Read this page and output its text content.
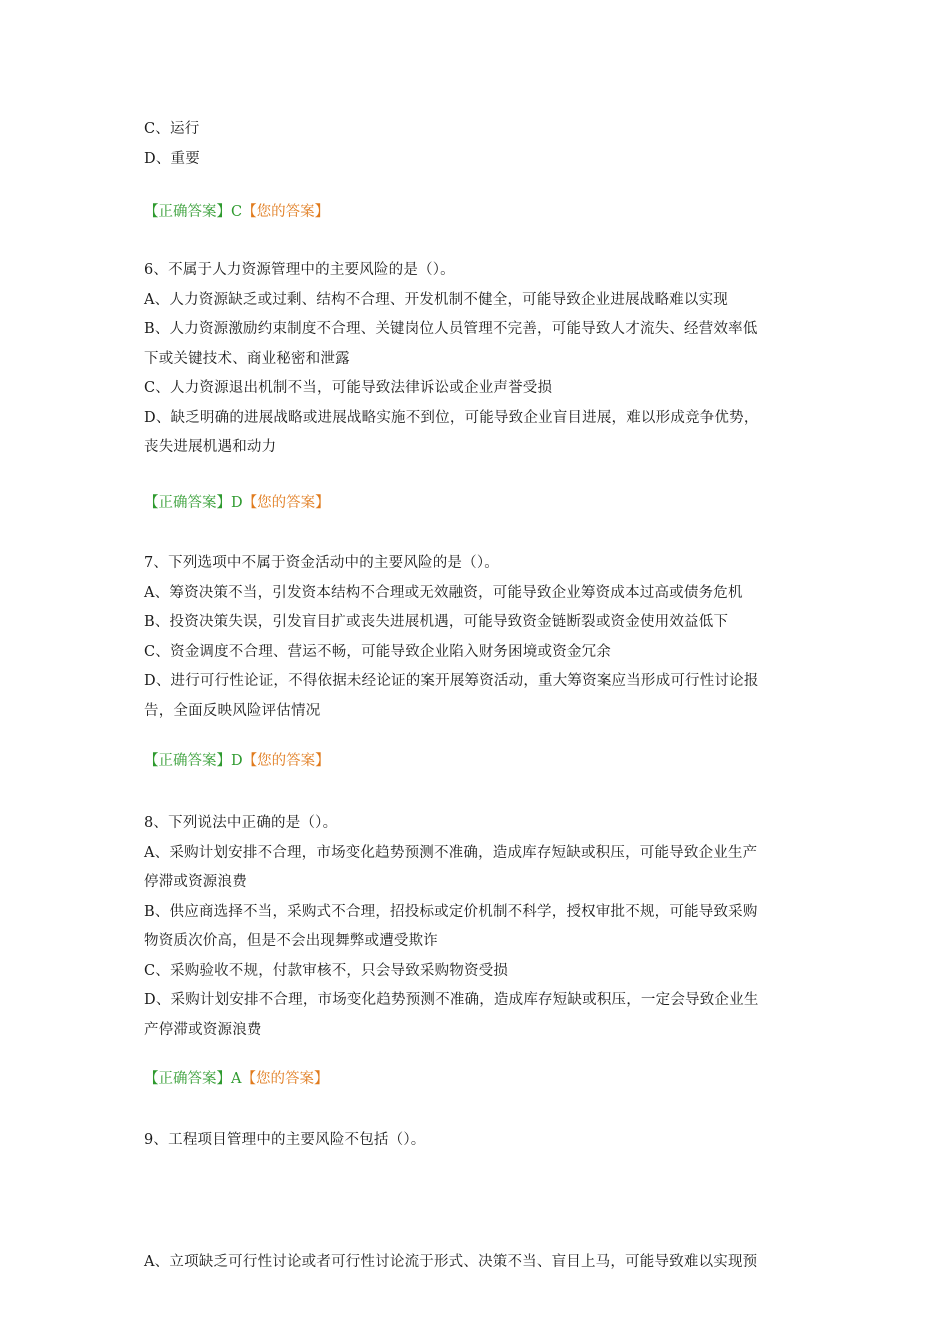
C、运行
D、重要
【正确答案】C【您的答案】
6、不属于人力资源管理中的主要风险的是（）。
A、人力资源缺乏或过剩、结构不合理、开发机制不健全，可能导致企业进展战略难以实现
B、人力资源激励约束制度不合理、关键岗位人员管理不完善，可能导致人才流失、经营效率低
下或关键技术、商业秘密和泄露
C、人力资源退出机制不当，可能导致法律诉讼或企业声誉受损
D、缺乏明确的进展战略或进展战略实施不到位，可能导致企业盲目进展，难以形成竞争优势，
丧失进展机遇和动力
【正确答案】D【您的答案】
7、下列选项中不属于资金活动中的主要风险的是（）。
A、筹资决策不当，引发资本结构不合理或无效融资，可能导致企业筹资成本过高或债务危机
B、投资决策失误，引发盲目扩或丧失进展机遇，可能导致资金链断裂或资金使用效益低下
C、资金调度不合理、营运不畅，可能导致企业陷入财务困境或资金冗余
D、进行可行性论证，不得依据未经论证的案开展筹资活动，重大筹资案应当形成可行性讨论报
告，全面反映风险评估情况
【正确答案】D【您的答案】
8、下列说法中正确的是（）。
A、采购计划安排不合理，市场变化趋势预测不准确，造成库存短缺或积压，可能导致企业生产
停滞或资源浪费
B、供应商选择不当，采购式不合理，招投标或定价机制不科学，授权审批不规，可能导致采购
物资质次价高，但是不会出现舞弊或遭受欺诈
C、采购验收不规，付款审核不，只会导致采购物资受损
D、采购计划安排不合理，市场变化趋势预测不准确，造成库存短缺或积压，一定会导致企业生
产停滞或资源浪费
【正确答案】A【您的答案】
9、工程项目管理中的主要风险不包括（）。
A、立项缺乏可行性讨论或者可行性讨论流于形式、决策不当、盲目上马，可能导致难以实现预
